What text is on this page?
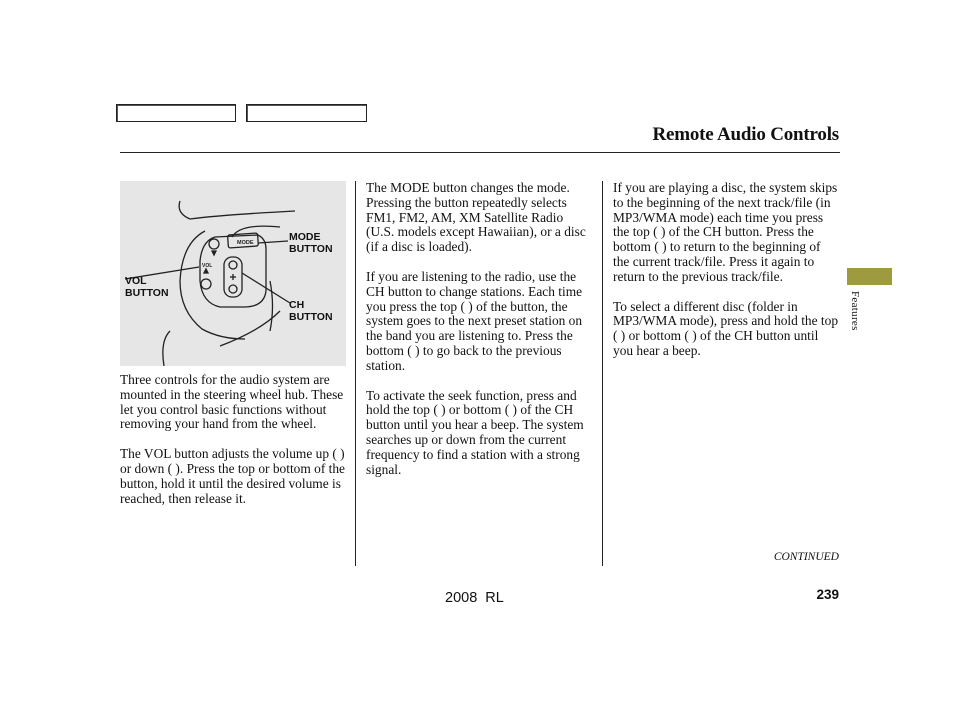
Remote Audio Controls
MODE
VOL
MODE
BUTTON
VOL
BUTTON
CH
BUTTON

Three controls for the audio system are mounted in the steering wheel hub. These let you control basic functions without removing your hand from the wheel.

The VOL button adjusts the volume up ( ) or down ( ). Press the top or bottom of the button, hold it until the desired volume is reached, then release it.

The MODE button changes the mode. Pressing the button repeatedly selects FM1, FM2, AM, XM Satellite Radio (U.S. models except Hawaiian), or a disc (if a disc is loaded).

If you are listening to the radio, use the CH button to change stations. Each time you press the top ( ) of the button, the system goes to the next preset station on the band you are listening to. Press the bottom ( ) to go back to the previous station.

To activate the seek function, press and hold the top ( ) or bottom ( ) of the CH button until you hear a beep. The system searches up or down from the current frequency to find a station with a strong signal.

If you are playing a disc, the system skips to the beginning of the next track/file (in MP3/WMA mode) each time you press the top ( ) of the CH button. Press the bottom ( ) to return to the beginning of the current track/file. Press it again to return to the previous track/file.

To select a different disc (folder in MP3/WMA mode), press and hold the top ( ) or bottom ( ) of the CH button until you hear a beep.

Features
CONTINUED
239
2008 RL
